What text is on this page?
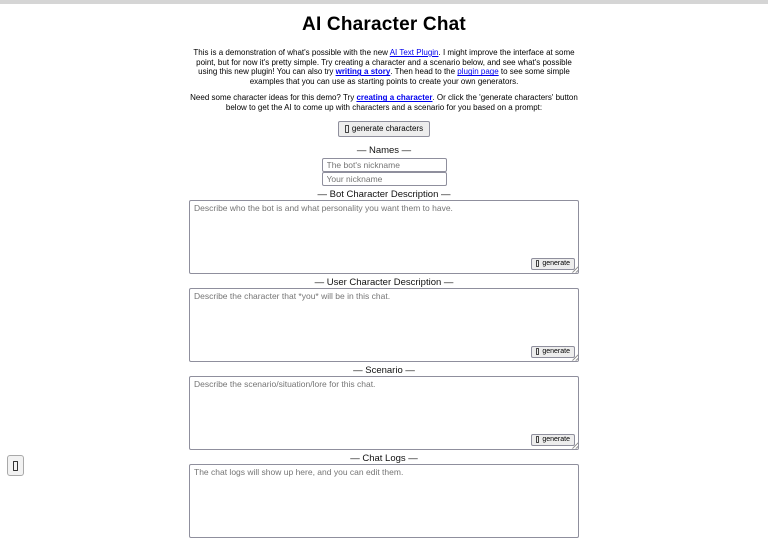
AI Character Chat

This is a demonstration of what's possible with the new AI Text Plugin. I might improve the interface at some point, but for now it's pretty simple. Try creating a character and a scenario below, and see what's possible using this new plugin! You can also try writing a story. Then head to the plugin page to see some simple examples that you can use as starting points to create your own generators.

Need some character ideas for this demo? Try creating a character. Or click the 'generate characters' button below to get the AI to come up with characters and a scenario for you based on a prompt:

generate characters
— Names —
The bot's nickname
Your nickname
— Bot Character Description —
Describe who the bot is and what personality you want them to have.
generate
— User Character Description —
Describe the character that *you* will be in this chat.
generate
— Scenario —
Describe the scenario/situation/lore for this chat.
generate
— Chat Logs —
The chat logs will show up here, and you can edit them.
